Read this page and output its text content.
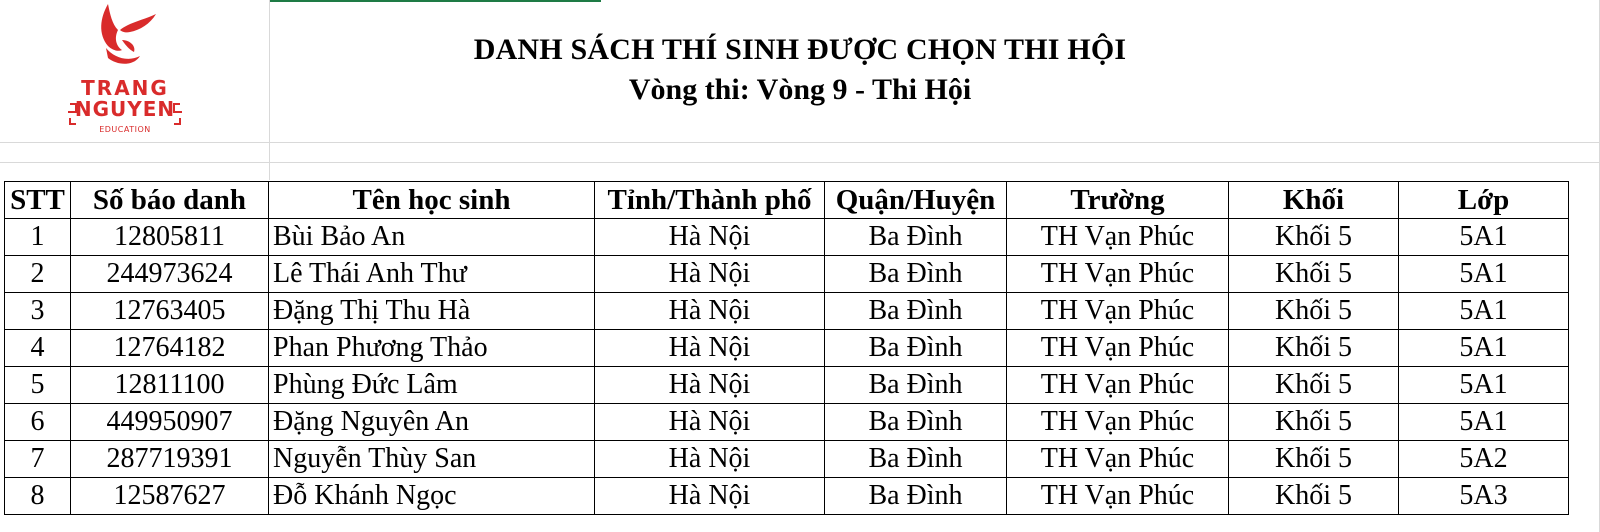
TRANG
NGUYEN
EDUCATION
DANH SÁCH THÍ SINH ĐƯỢC CHỌN THI HỘI
Vòng thi: Vòng 9 - Thi Hội
STT	Số báo danh	Tên học sinh	Tỉnh/Thành phố	Quận/Huyện	Trường	Khối	Lớp
1	12805811	Bùi Bảo An	Hà Nội	Ba Đình	TH Vạn Phúc	Khối 5	5A1
2	244973624	Lê Thái Anh Thư	Hà Nội	Ba Đình	TH Vạn Phúc	Khối 5	5A1
3	12763405	Đặng Thị Thu Hà	Hà Nội	Ba Đình	TH Vạn Phúc	Khối 5	5A1
4	12764182	Phan Phương Thảo	Hà Nội	Ba Đình	TH Vạn Phúc	Khối 5	5A1
5	12811100	Phùng Đức Lâm	Hà Nội	Ba Đình	TH Vạn Phúc	Khối 5	5A1
6	449950907	Đặng Nguyên An	Hà Nội	Ba Đình	TH Vạn Phúc	Khối 5	5A1
7	287719391	Nguyễn Thùy San	Hà Nội	Ba Đình	TH Vạn Phúc	Khối 5	5A2
8	12587627	Đỗ Khánh Ngọc	Hà Nội	Ba Đình	TH Vạn Phúc	Khối 5	5A3
